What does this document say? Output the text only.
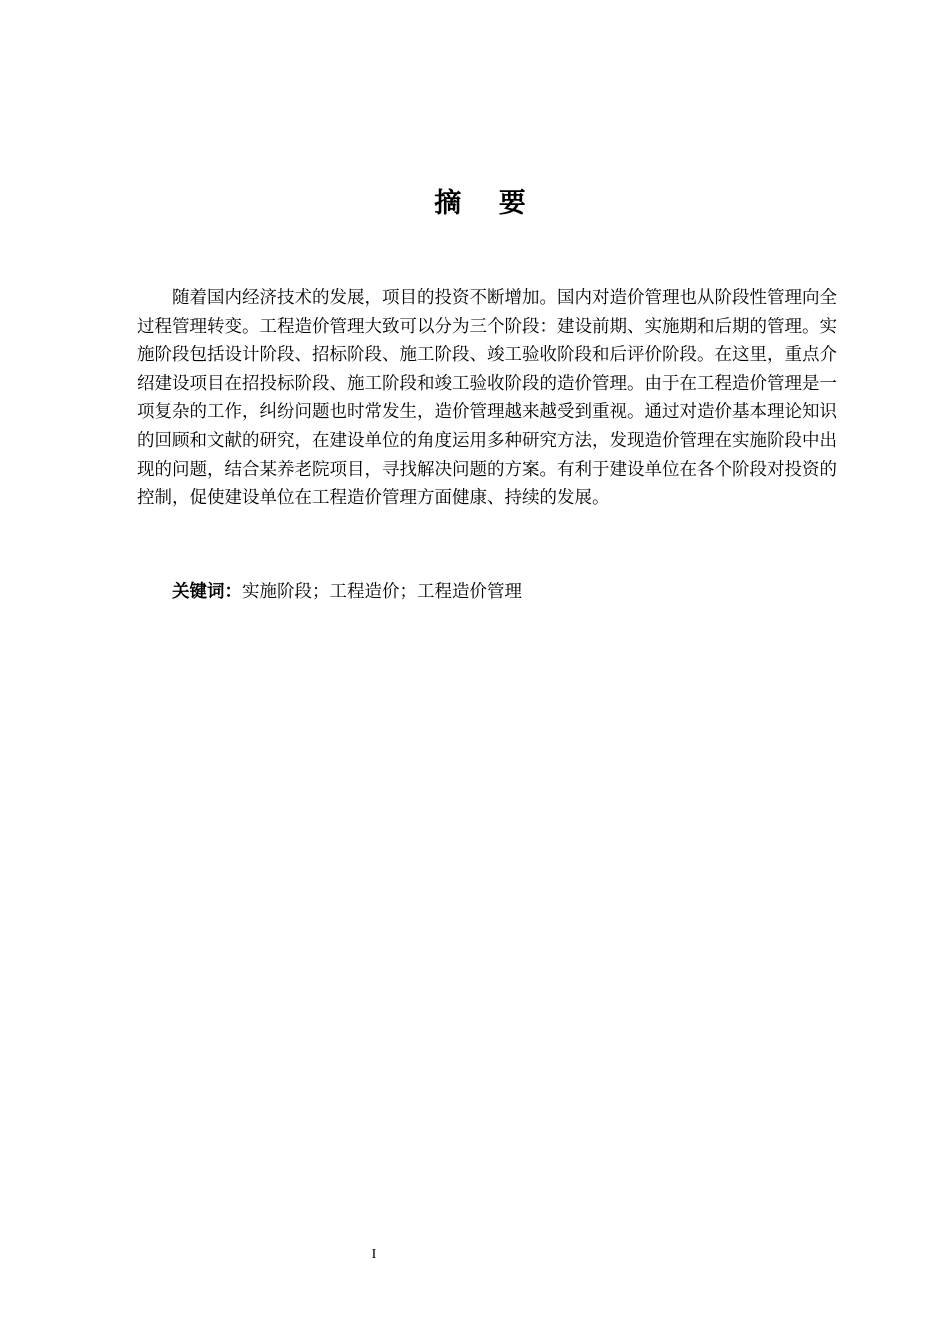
摘 要

随着国内经济技术的发展，项目的投资不断增加。国内对造价管理也从阶段性管理向全过程管理转变。工程造价管理大致可以分为三个阶段：建设前期、实施期和后期的管理。实施阶段包括设计阶段、招标阶段、施工阶段、竣工验收阶段和后评价阶段。在这里，重点介绍建设项目在招投标阶段、施工阶段和竣工验收阶段的造价管理。由于在工程造价管理是一项复杂的工作，纠纷问题也时常发生，造价管理越来越受到重视。通过对造价基本理论知识的回顾和文献的研究，在建设单位的角度运用多种研究方法，发现造价管理在实施阶段中出现的问题，结合某养老院项目，寻找解决问题的方案。有利于建设单位在各个阶段对投资的控制，促使建设单位在工程造价管理方面健康、持续的发展。

关键词：实施阶段；工程造价；工程造价管理
I
